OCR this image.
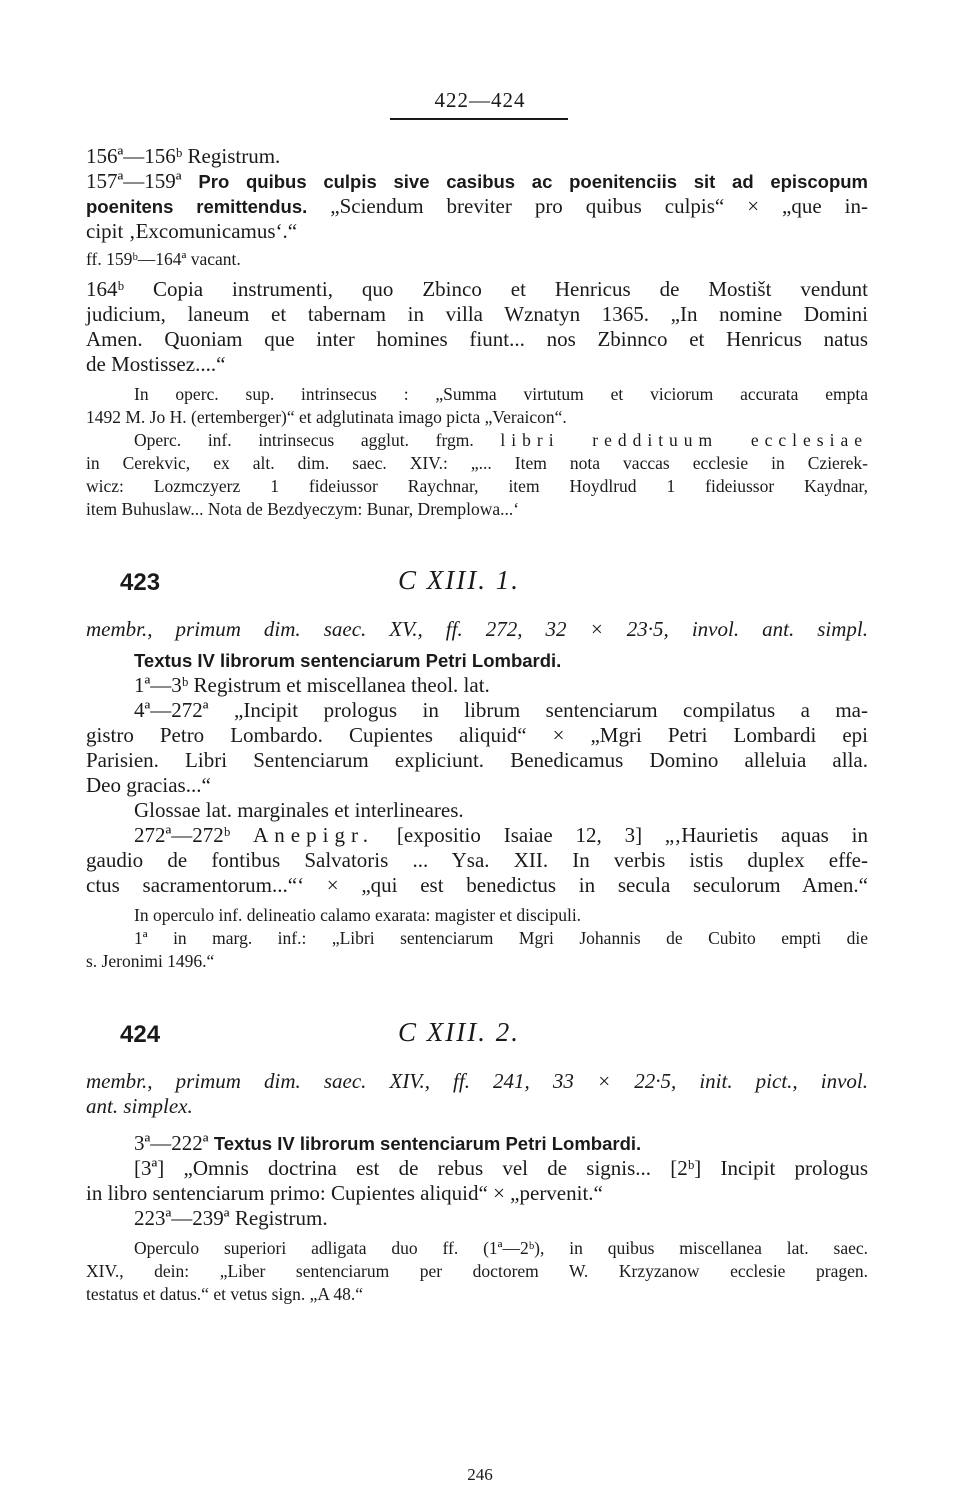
422—424
156ª—156ᵇ Registrum.
157ª—159ª Pro quibus culpis sive casibus ac poenitenciis sit ad episcopum
poenitens remittendus. „Sciendum breviter pro quibus culpis“ × „que in-
cipit ‚Excomunicamus‘.“
ff. 159ᵇ—164ª vacant.
164ᵇ Copia instrumenti, quo Zbinco et Henricus de Mostišt vendunt
judicium, laneum et tabernam in villa Wznatyn 1365. „In nomine Domini
Amen. Quoniam que inter homines fiunt... nos Zbinnco et Henricus natus
de Mostissez....“
In operc. sup. intrinsecus : „Summa virtutum et viciorum accurata empta
1492 M. Jo H. (ertemberger)“ et adglutinata imago picta „Veraicon“.
Operc. inf. intrinsecus agglut. frgm. libri reddituum ecclesiae
in Cerekvic, ex alt. dim. saec. XIV.: „... Item nota vaccas ecclesie in Czierek-
wicz: Lozmczyerz 1 fideiussor Raychnar, item Hoydlrud 1 fideiussor Kaydnar,
item Buhuslaw... Nota de Bezdyeczym: Bunar, Dremplowa...‘
423	C XIII. 1.
membr., primum dim. saec. XV., ff. 272, 32 × 23·5, invol. ant. simpl.
Textus IV librorum sentenciarum Petri Lombardi.
1ª—3ᵇ Registrum et miscellanea theol. lat.
4ª—272ª „Incipit prologus in librum sentenciarum compilatus a ma-
gistro Petro Lombardo. Cupientes aliquid“ × „Mgri Petri Lombardi epi
Parisien. Libri Sentenciarum expliciunt. Benedicamus Domino alleluia alla.
Deo gracias...“
Glossae lat. marginales et interlineares.
272ª—272ᵇ Anepigr. [expositio Isaiae 12, 3] „‚Haurietis aquas in
gaudio de fontibus Salvatoris ... Ysa. XII. In verbis istis duplex effe-
ctus sacramentorum...“‘ × „qui est benedictus in secula seculorum Amen.“
In operculo inf. delineatio calamo exarata: magister et discipuli.
1ª in marg. inf.: „Libri sentenciarum Mgri Johannis de Cubito empti die
s. Jeronimi 1496.“
424	C XIII. 2.
membr., primum dim. saec. XIV., ff. 241, 33 × 22·5, init. pict., invol.
ant. simplex.
3ª—222ª Textus IV librorum sentenciarum Petri Lombardi.
[3ª] „Omnis doctrina est de rebus vel de signis... [2ᵇ] Incipit prologus
in libro sentenciarum primo: Cupientes aliquid“ × „pervenit.“
223ª—239ª Registrum.
Operculo superiori adligata duo ff. (1ª—2ᵇ), in quibus miscellanea lat. saec.
XIV., dein: „Liber sentenciarum per doctorem W. Krzyzanow ecclesie pragen.
testatus et datus.“ et vetus sign. „A 48.“
246
